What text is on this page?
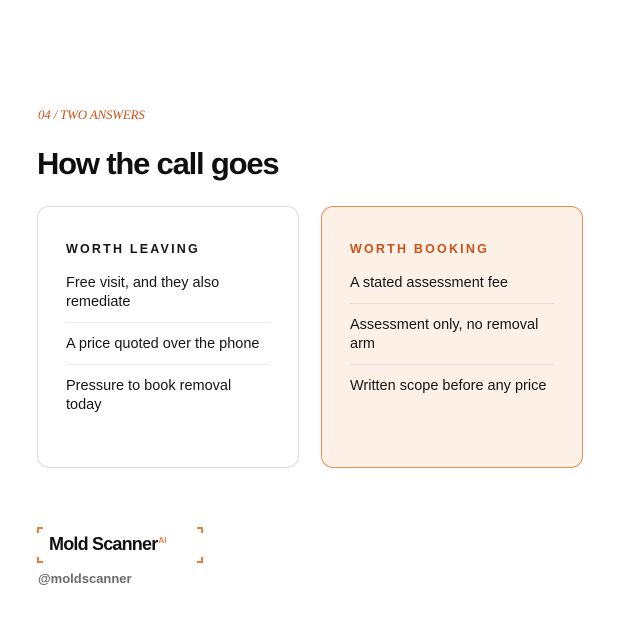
04 / TWO ANSWERS
How the call goes
WORTH LEAVING
Free visit, and they also remediate
A price quoted over the phone
Pressure to book removal today
WORTH BOOKING
A stated assessment fee
Assessment only, no removal arm
Written scope before any price
Mold Scanner$^{AI}$
@moldscanner
